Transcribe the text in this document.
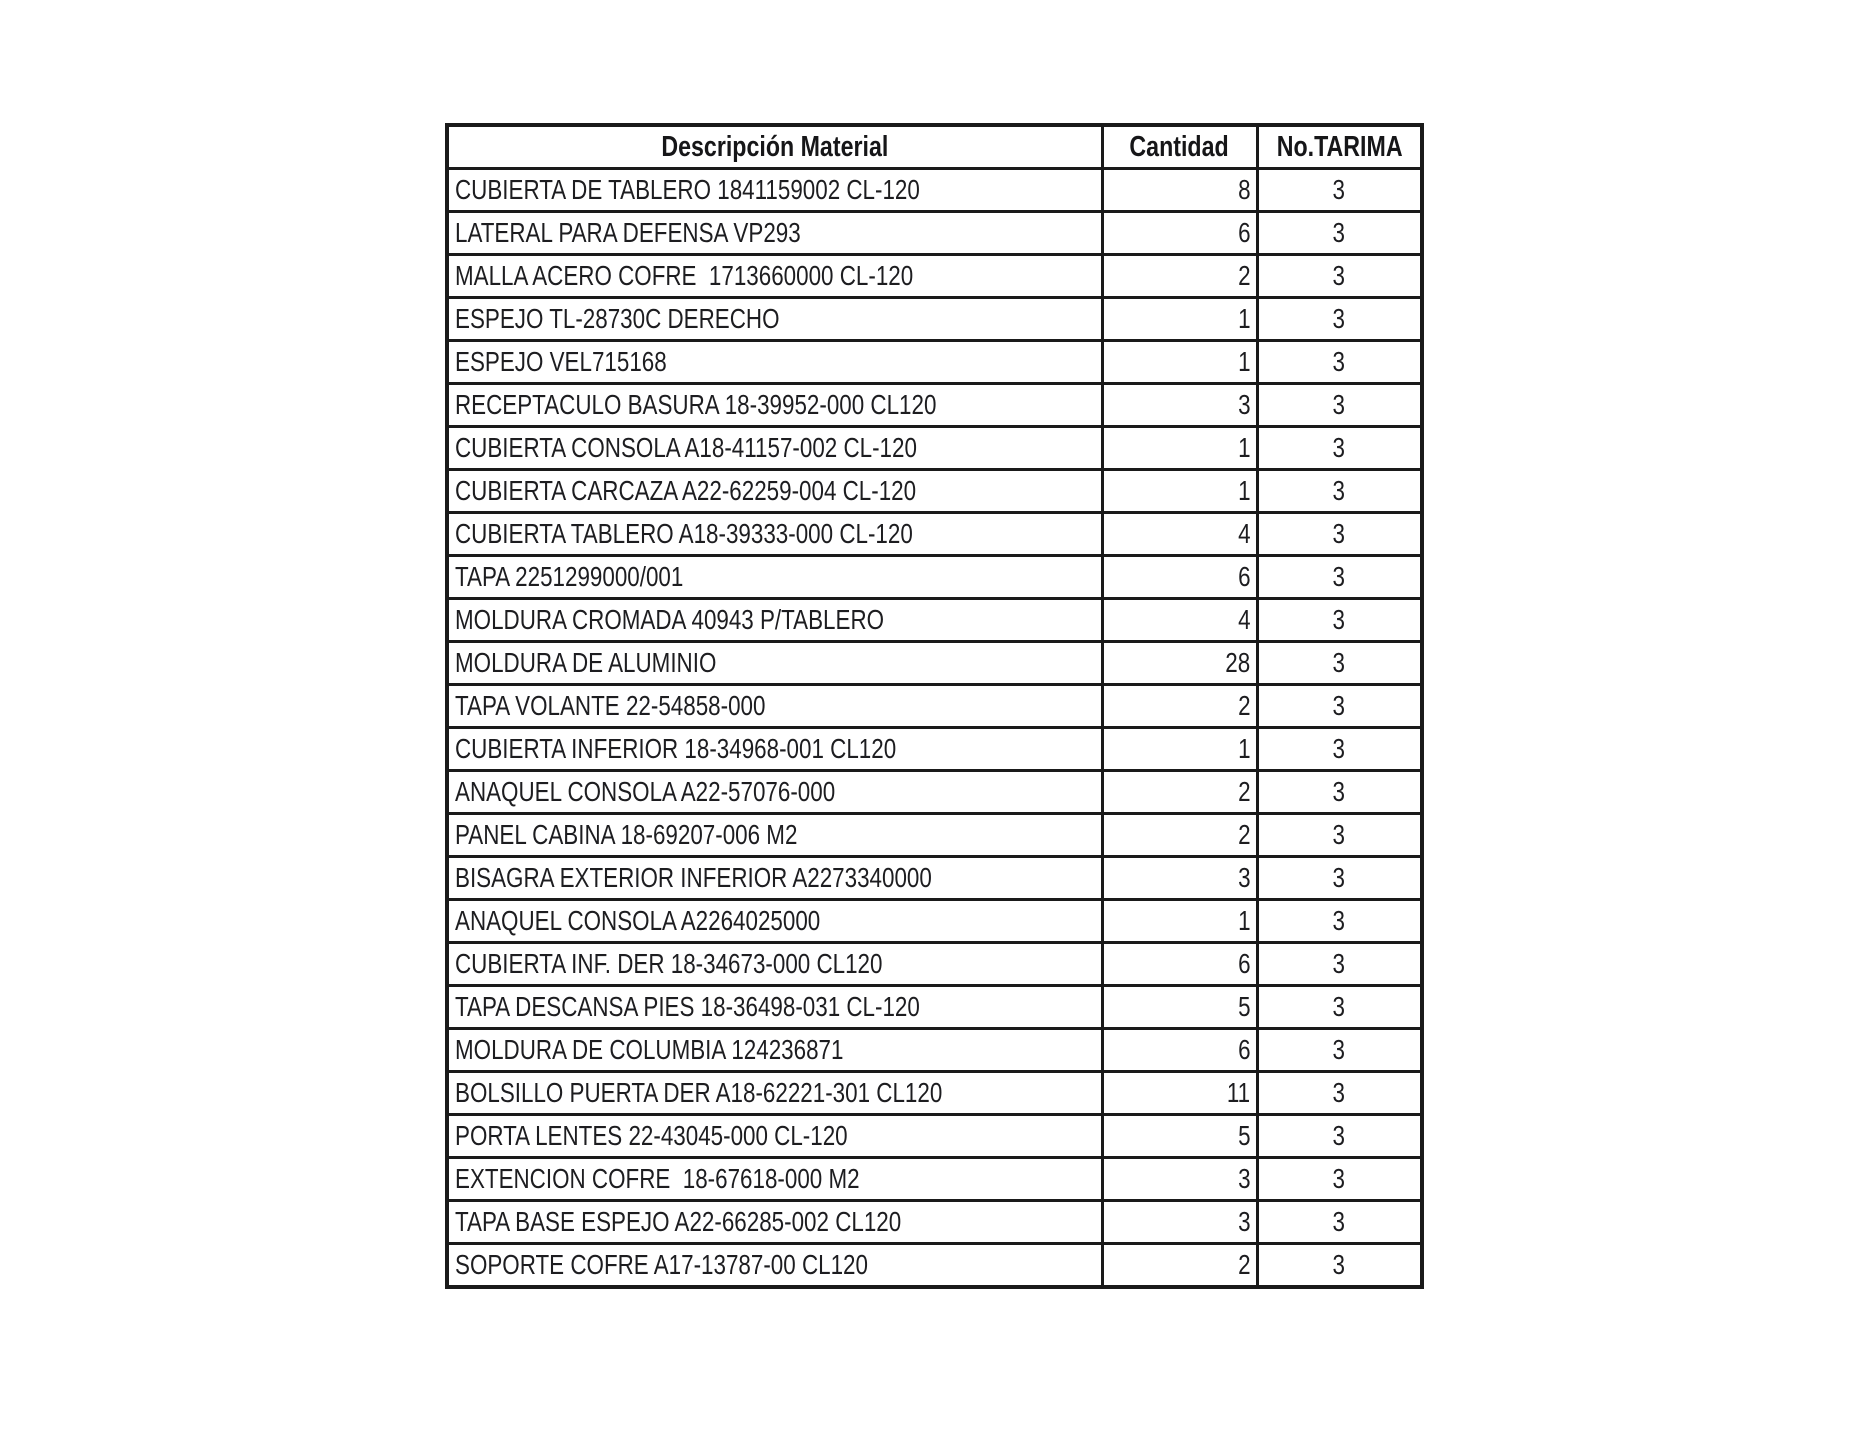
Descripción Material	Cantidad	No.TARIMA
CUBIERTA DE TABLERO 1841159002 CL-120	8	3
LATERAL PARA DEFENSA VP293	6	3
MALLA ACERO COFRE  1713660000 CL-120	2	3
ESPEJO TL-28730C DERECHO	1	3
ESPEJO VEL715168	1	3
RECEPTACULO BASURA 18-39952-000 CL120	3	3
CUBIERTA CONSOLA A18-41157-002 CL-120	1	3
CUBIERTA CARCAZA A22-62259-004 CL-120	1	3
CUBIERTA TABLERO A18-39333-000 CL-120	4	3
TAPA 2251299000/001	6	3
MOLDURA CROMADA 40943 P/TABLERO	4	3
MOLDURA DE ALUMINIO	28	3
TAPA VOLANTE 22-54858-000	2	3
CUBIERTA INFERIOR 18-34968-001 CL120	1	3
ANAQUEL CONSOLA A22-57076-000	2	3
PANEL CABINA 18-69207-006 M2	2	3
BISAGRA EXTERIOR INFERIOR A2273340000	3	3
ANAQUEL CONSOLA A2264025000	1	3
CUBIERTA INF. DER 18-34673-000 CL120	6	3
TAPA DESCANSA PIES 18-36498-031 CL-120	5	3
MOLDURA DE COLUMBIA 124236871	6	3
BOLSILLO PUERTA DER A18-62221-301 CL120	11	3
PORTA LENTES 22-43045-000 CL-120	5	3
EXTENCION COFRE  18-67618-000 M2	3	3
TAPA BASE ESPEJO A22-66285-002 CL120	3	3
SOPORTE COFRE A17-13787-00 CL120	2	3
